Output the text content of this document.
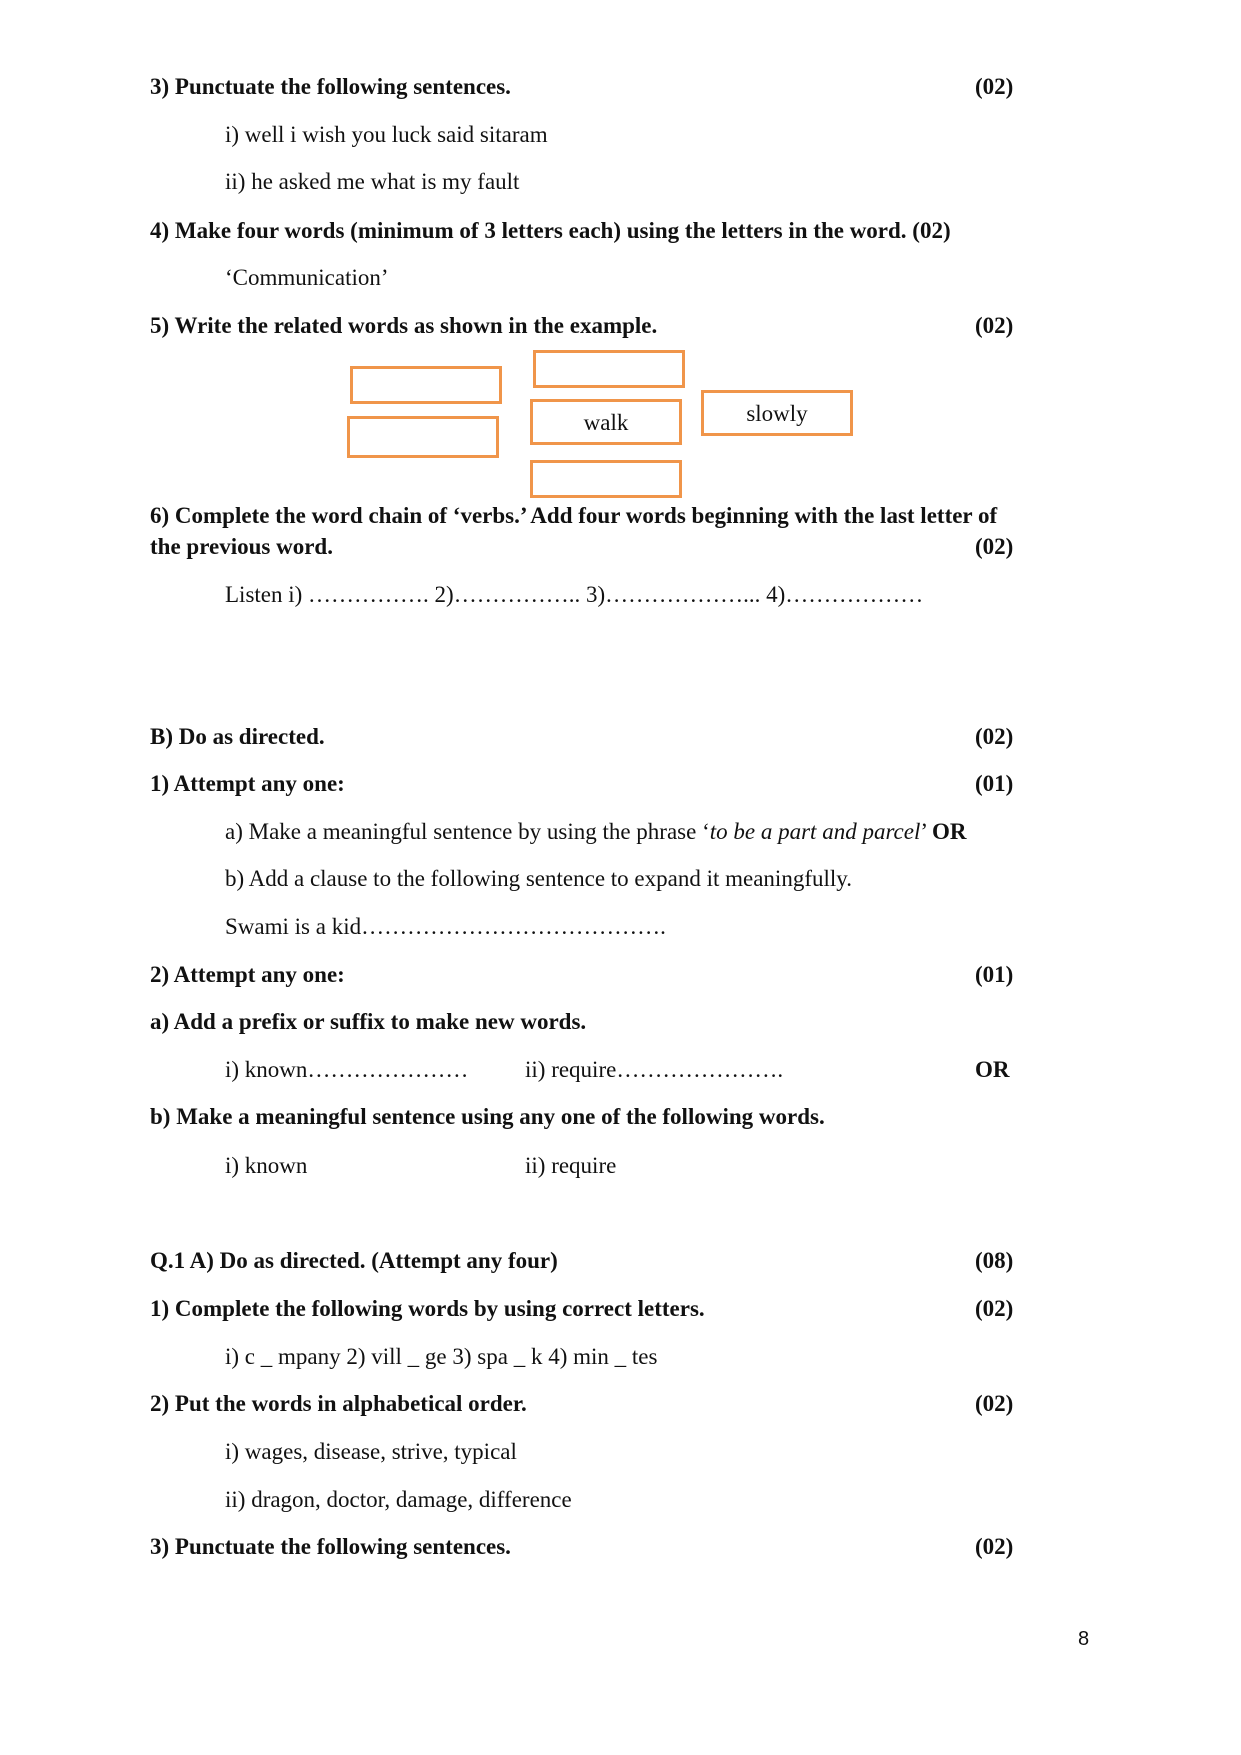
3) Punctuate the following sentences.	(02)
i) well i wish you luck said sitaram
ii) he asked me what is my fault
4) Make four words (minimum of 3 letters each) using the letters in the word. (02)
‘Communication’
5) Write the related words as shown in the example.	(02)
walk	slowly
6) Complete the word chain of ‘verbs.’ Add four words beginning with the last letter of
the previous word.	(02)
Listen i) ……………. 2)…………….. 3)………………... 4)………………
B) Do as directed.	(02)
1) Attempt any one:	(01)
a) Make a meaningful sentence by using the phrase ‘to be a part and parcel’ OR
b) Add a clause to the following sentence to expand it meaningfully.
Swami is a kid………………………………….
2) Attempt any one:	(01)
a) Add a prefix or suffix to make new words.
i) known………………… ii) require………………….	OR
b) Make a meaningful sentence using any one of the following words.
i) known	ii) require
Q.1 A) Do as directed. (Attempt any four)	(08)
1) Complete the following words by using correct letters.	(02)
i) c _ mpany 2) vill _ ge 3) spa _ k 4) min _ tes
2) Put the words in alphabetical order.	(02)
i) wages, disease, strive, typical
ii) dragon, doctor, damage, difference
3) Punctuate the following sentences.	(02)
8
